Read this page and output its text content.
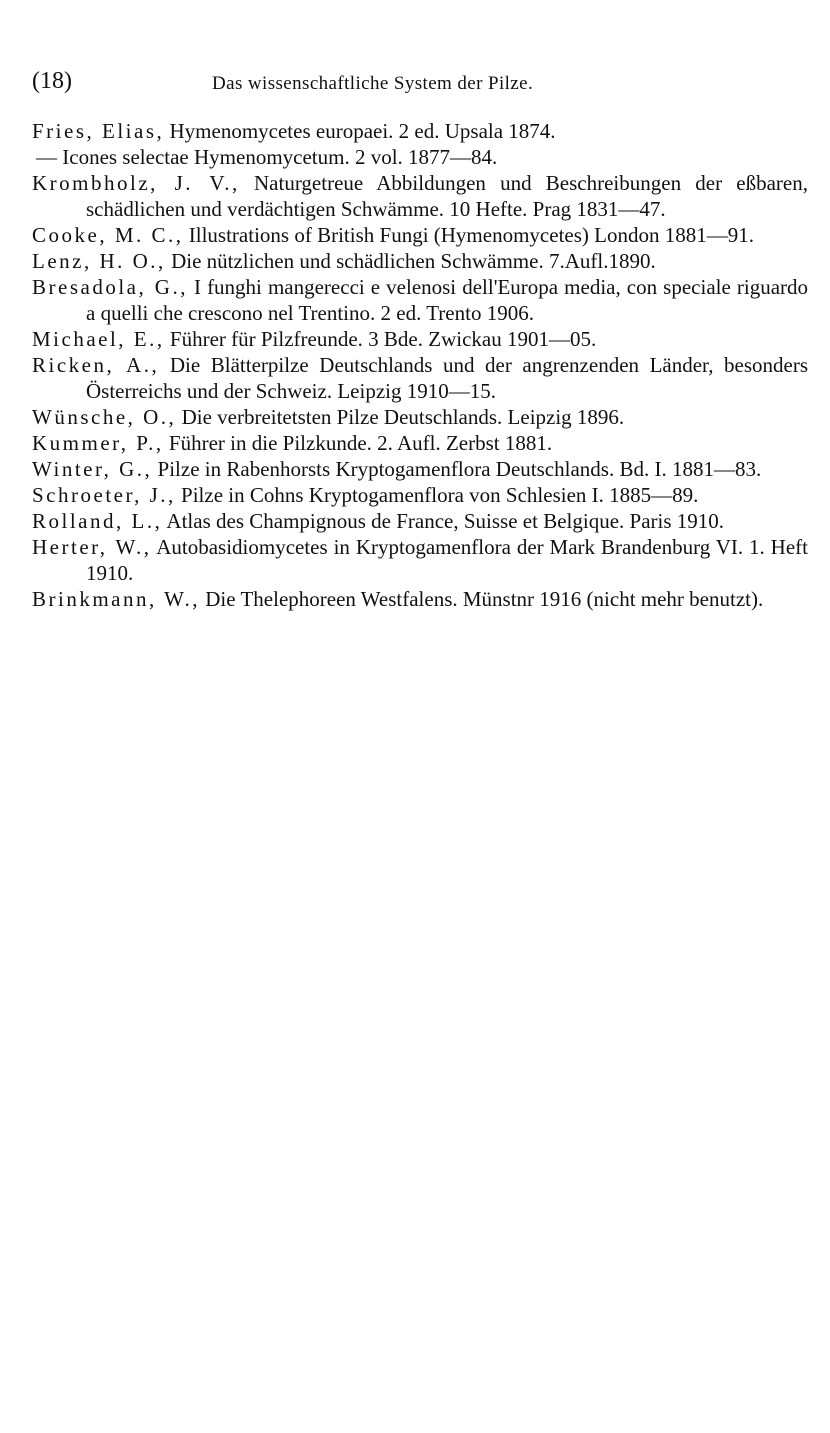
(18)	Das wissenschaftliche System der Pilze.
Fries, Elias, Hymenomycetes europaei. 2 ed. Upsala 1874.
— Icones selectae Hymenomycetum. 2 vol. 1877—84.
Krombholz, J. V., Naturgetreue Abbildungen und Beschreibungen der eßbaren, schädlichen und verdächtigen Schwämme. 10 Hefte. Prag 1831—47.
Cooke, M. C., Illustrations of British Fungi (Hymenomycetes) London 1881—91.
Lenz, H. O., Die nützlichen und schädlichen Schwämme. 7.Aufl.1890.
Bresadola, G., I funghi mangerecci e velenosi dell'Europa media, con speciale riguardo a quelli che crescono nel Trentino. 2 ed. Trento 1906.
Michael, E., Führer für Pilzfreunde. 3 Bde. Zwickau 1901—05.
Ricken, A., Die Blätterpilze Deutschlands und der angrenzenden Länder, besonders Österreichs und der Schweiz. Leipzig 1910—15.
Wünsche, O., Die verbreitetsten Pilze Deutschlands. Leipzig 1896.
Kummer, P., Führer in die Pilzkunde. 2. Aufl. Zerbst 1881.
Winter, G., Pilze in Rabenhorsts Kryptogamenflora Deutschlands. Bd. I. 1881—83.
Schroeter, J., Pilze in Cohns Kryptogamenflora von Schlesien I. 1885—89.
Rolland, L., Atlas des Champignous de France, Suisse et Belgique. Paris 1910.
Herter, W., Autobasidiomycetes in Kryptogamenflora der Mark Brandenburg VI. 1. Heft 1910.
Brinkmann, W., Die Thelephoreen Westfalens. Münstnr 1916 (nicht mehr benutzt).
